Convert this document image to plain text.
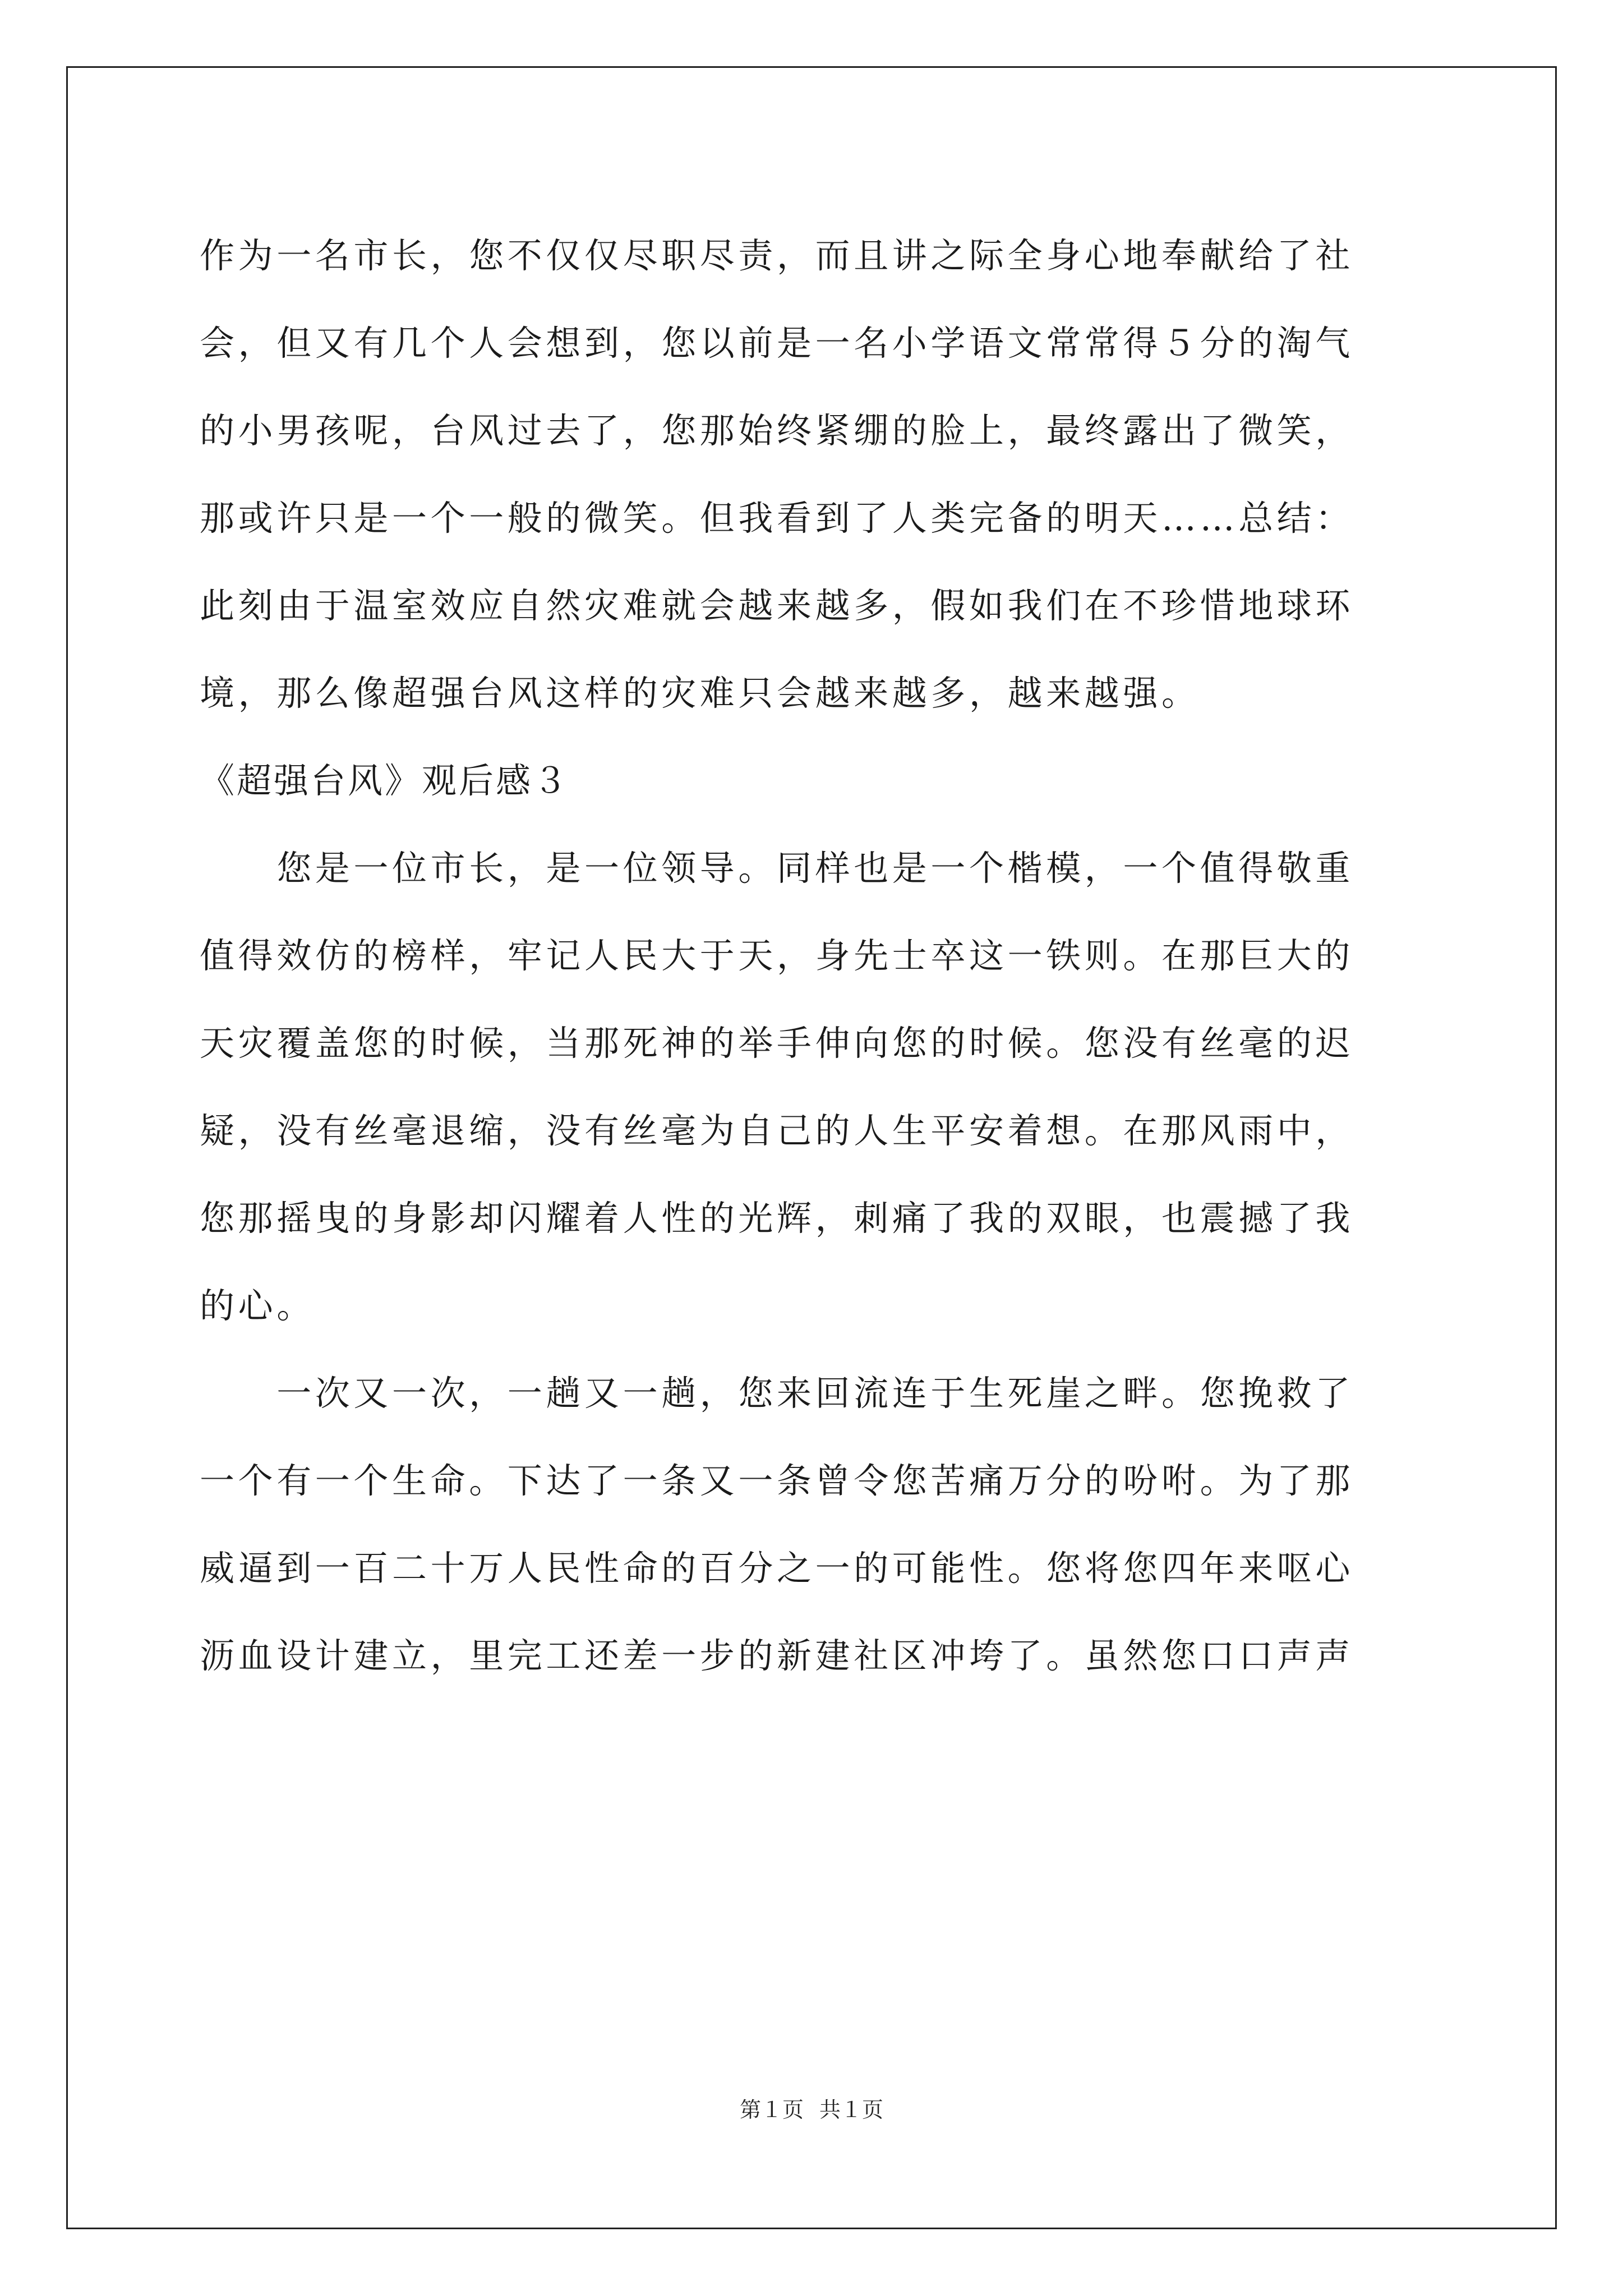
作为一名市长，您不仅仅尽职尽责，而且讲之际全身心地奉献给了社
会，但又有几个人会想到，您以前是一名小学语文常常得５分的淘气
的小男孩呢，台风过去了，您那始终紧绷的脸上，最终露出了微笑，
那或许只是一个一般的微笑。但我看到了人类完备的明天……总结：
此刻由于温室效应自然灾难就会越来越多，假如我们在不珍惜地球环
境，那么像超强台风这样的灾难只会越来越多，越来越强。
《超强台风》观后感３
　　您是一位市长，是一位领导。同样也是一个楷模，一个值得敬重
值得效仿的榜样，牢记人民大于天，身先士卒这一铁则。在那巨大的
天灾覆盖您的时候，当那死神的举手伸向您的时候。您没有丝毫的迟
疑，没有丝毫退缩，没有丝毫为自己的人生平安着想。在那风雨中，
您那摇曳的身影却闪耀着人性的光辉，刺痛了我的双眼，也震撼了我
的心。
　　一次又一次，一趟又一趟，您来回流连于生死崖之畔。您挽救了
一个有一个生命。下达了一条又一条曾令您苦痛万分的吩咐。为了那
威逼到一百二十万人民性命的百分之一的可能性。您将您四年来呕心
沥血设计建立，里完工还差一步的新建社区冲垮了。虽然您口口声声
第１页 共１页
